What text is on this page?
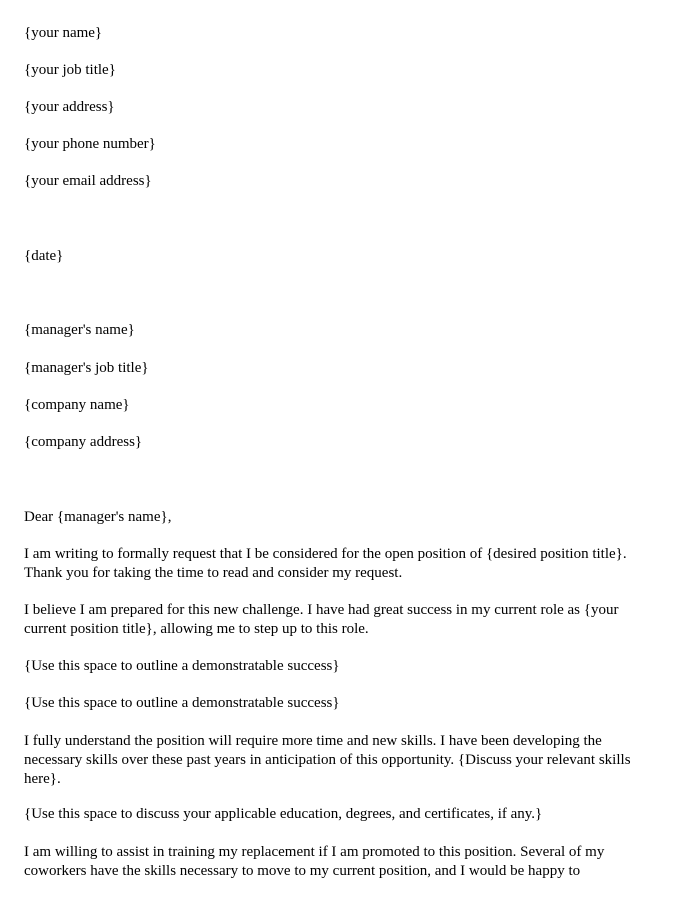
{your name}

{your job title}

{your address}

{your phone number}

{your email address}

{date}

{manager's name}

{manager's job title}

{company name}

{company address}

Dear {manager's name},

I am writing to formally request that I be considered for the open position of {desired position title}. Thank you for taking the time to read and consider my request.

I believe I am prepared for this new challenge. I have had great success in my current role as {your current position title}, allowing me to step up to this role.

{Use this space to outline a demonstratable success}

{Use this space to outline a demonstratable success}

I fully understand the position will require more time and new skills. I have been developing the necessary skills over these past years in anticipation of this opportunity. {Discuss your relevant skills here}.

{Use this space to discuss your applicable education, degrees, and certificates, if any.}

I am willing to assist in training my replacement if I am promoted to this position. Several of my coworkers have the skills necessary to move to my current position, and I would be happy to
